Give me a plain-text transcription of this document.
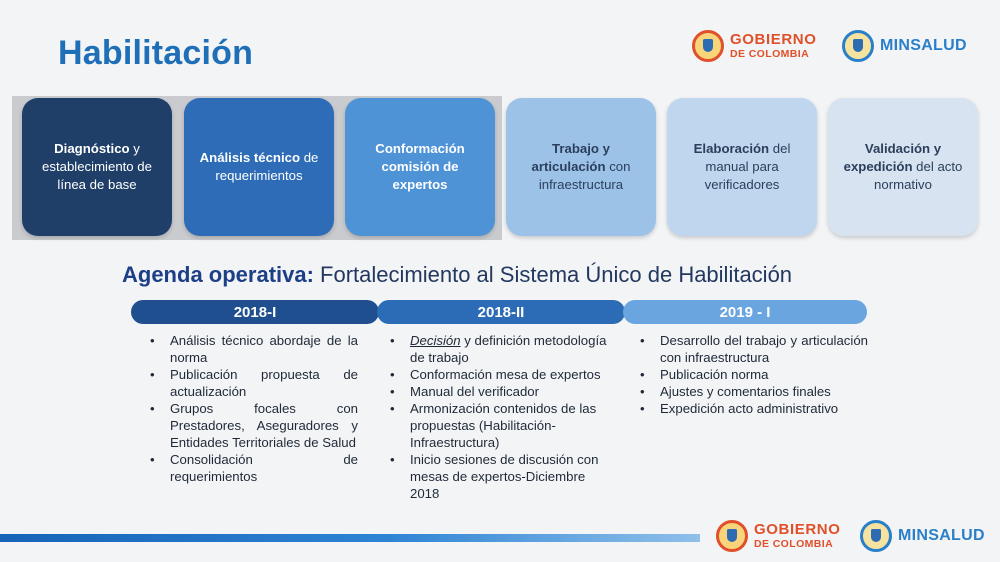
Habilitación	GOBIERNO
DE COLOMBIA
MINSALUD
Diagnóstico y establecimiento de línea de base
Análisis técnico de requerimientos
Conformación comisión de expertos
Trabajo y articulación con infraestructura
Elaboración del manual para verificadores
Validación y expedición del acto normativo
Agenda operativa: Fortalecimiento al Sistema Único de Habilitación
2018-I	2018-II	2019 - I
• Análisis técnico abordaje de la norma
• Publicación propuesta de actualización
• Grupos focales con Prestadores, Aseguradores y Entidades Territoriales de Salud
• Consolidación de requerimientos
• Decisión y definición metodología de trabajo
• Conformación mesa de expertos
• Manual del verificador
• Armonización contenidos de las propuestas (Habilitación-Infraestructura)
• Inicio sesiones de discusión con mesas de expertos-Diciembre 2018
• Desarrollo del trabajo y articulación con infraestructura
• Publicación norma
• Ajustes y comentarios finales
• Expedición acto administrativo
GOBIERNO
DE COLOMBIA
MINSALUD
